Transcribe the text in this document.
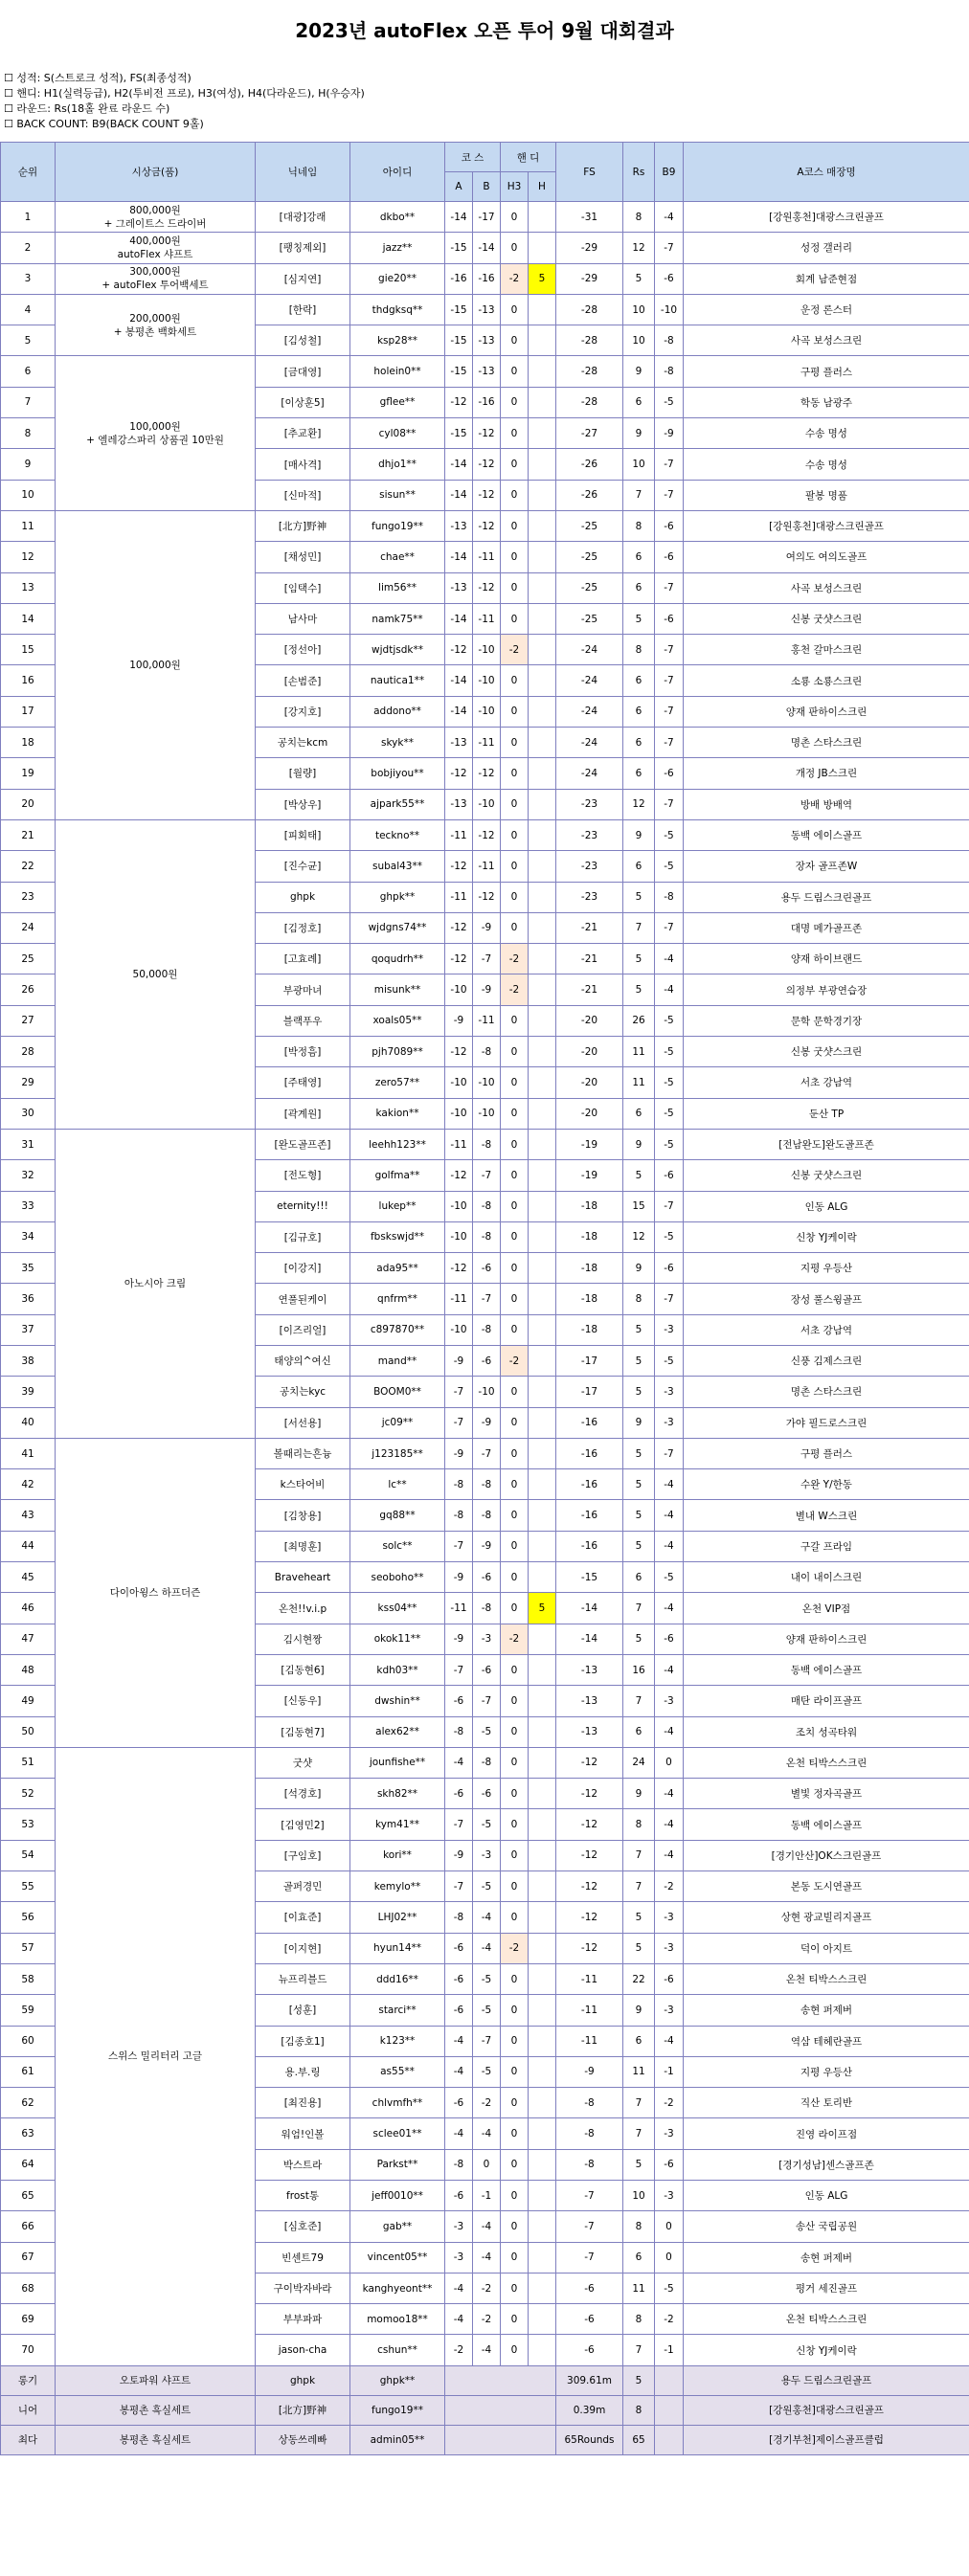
2023년 autoFlex 오픈 투어 9월 대회결과
☐ 성적: S(스트로크 성적), FS(최종성적)
☐ 핸디: H1(실력등급), H2(투비전 프로), H3(여성), H4(다라운드), H(우승자)
☐ 라운드: Rs(18홀 완료 라운드 수)
☐ BACK COUNT: B9(BACK COUNT 9홀)
순위	시상금(품)	닉네임	아이디	코 스		핸 디		FS	Rs	B9	A코스 매장명
				A	B	H3	H				
1	800,000원
+ 그레이트스 드라이버	[대광]강래	dkbo**	-14	-17	0		-31	8	-4	[강원홍천]대광스크린골프
2	400,000원
autoFlex 샤프트	[팽칭제외]	jazz**	-15	-14	0		-29	12	-7	성정 갤러리
3	300,000원
+ autoFlex 투어백세트	[심지연]	gie20**	-16	-16	-2	5	-29	5	-6	회계 남준현점
4	200,000원
+ 봉평촌 백화세트	[한락]	thdgksq**	-15	-13	0		-28	10	-10	운정 론스터
5		[김성철]	ksp28**	-15	-13	0		-28	10	-8	사곡 보성스크린
6	100,000원
+ 엘레강스파리 상품권 10만원	[금대영]	holein0**	-15	-13	0		-28	9	-8	구평 플러스
7		[이상훈5]	gflee**	-12	-16	0		-28	6	-5	학동 남광주
8		[추교환]	cyl08**	-15	-12	0		-27	9	-9	수송 명성
9		[매사격]	dhjo1**	-14	-12	0		-26	10	-7	수송 명성
10		[신마적]	sisun**	-14	-12	0		-26	7	-7	팔봉 명품
11	100,000원	[北方]野神	fungo19**	-13	-12	0		-25	8	-6	[강원홍천]대광스크린골프
12		[채성민]	chae**	-14	-11	0		-25	6	-6	여의도 여의도골프
13		[임택수]	lim56**	-13	-12	0		-25	6	-7	사곡 보성스크린
14		남사마	namk75**	-14	-11	0		-25	5	-6	신봉 굿샷스크린
15		[정선아]	wjdtjsdk**	-12	-10	-2		-24	8	-7	홍천 갈마스크린
16		[손범준]	nautica1**	-14	-10	0		-24	6	-7	소룡 소룡스크린
17		[강지호]	addono**	-14	-10	0		-24	6	-7	양재 판하이스크린
18		공치는kcm	skyk**	-13	-11	0		-24	6	-7	명촌 스타스크린
19		[월량]	bobjiyou**	-12	-12	0		-24	6	-6	개정 JB스크린
20		[박상우]	ajpark55**	-13	-10	0		-23	12	-7	방배 방배역
21	50,000원	[피회태]	teckno**	-11	-12	0		-23	9	-5	동백 에이스골프
22		[진수균]	subal43**	-12	-11	0		-23	6	-5	장자 골프존W
23		ghpk	ghpk**	-11	-12	0		-23	5	-8	용두 드림스크린골프
24		[김정호]	wjdgns74**	-12	-9	0		-21	7	-7	대명 메가골프존
25		[고효례]	qoqudrh**	-12	-7	-2		-21	5	-4	양재 하이브랜드
26		부광마녀	misunk**	-10	-9	-2		-21	5	-4	의정부 부광연습장
27		블랙푸우	xoals05**	-9	-11	0		-20	26	-5	문학 문학경기장
28		[박정흠]	pjh7089**	-12	-8	0		-20	11	-5	신봉 굿샷스크린
29		[주태영]	zero57**	-10	-10	0		-20	11	-5	서초 강남역
30		[곽계원]	kakion**	-10	-10	0		-20	6	-5	둔산 TP
31	아노시아 크림	[완도골프존]	leehh123**	-11	-8	0		-19	9	-5	[전남완도]완도골프존
32		[전도형]	golfma**	-12	-7	0		-19	5	-6	신봉 굿샷스크린
33		eternity!!!	lukep**	-10	-8	0		-18	15	-7	인동 ALG
34		[김규호]	fbskswjd**	-10	-8	0		-18	12	-5	신창 YJ케이락
35		[이강지]	ada95**	-12	-6	0		-18	9	-6	지평 우등산
36		연풀된케이	qnfrm**	-11	-7	0		-18	8	-7	장성 풀스윙골프
37		[이즈리얼]	c897870**	-10	-8	0		-18	5	-3	서초 강남역
38		태양의^여신	mand**	-9	-6	-2		-17	5	-5	신풍 김제스크린
39		공치는kyc	BOOM0**	-7	-10	0		-17	5	-3	명촌 스타스크린
40		[서선용]	jc09**	-7	-9	0		-16	9	-3	가야 필드로스크린
41	다이아윙스 하프더즌	볼때리는흔늉	j123185**	-9	-7	0		-16	5	-7	구평 플러스
42		k스타어비	lc**	-8	-8	0		-16	5	-4	수완 Y/한동
43		[김창용]	gq88**	-8	-8	0		-16	5	-4	별내 W스크린
44		[최명훈]	solc**	-7	-9	0		-16	5	-4	구갈 프라임
45		Braveheart	seoboho**	-9	-6	0		-15	6	-5	내이 내이스크린
46		온천!!v.i.p	kss04**	-11	-8	0	5	-14	7	-4	온천 VIP점
47		김시현짱	okok11**	-9	-3	-2		-14	5	-6	양재 판하이스크린
48		[김동현6]	kdh03**	-7	-6	0		-13	16	-4	동백 에이스골프
49		[신동우]	dwshin**	-6	-7	0		-13	7	-3	매탄 라이프골프
50		[김동현7]	alex62**	-8	-5	0		-13	6	-4	조치 성곡타워
51	스위스 밀리터리 고글	굿샷	jounfishe**	-4	-8	0		-12	24	0	온천 티박스스크린
52		[석경호]	skh82**	-6	-6	0		-12	9	-4	별빛 정자곡골프
53		[김영민2]	kym41**	-7	-5	0		-12	8	-4	동백 에이스골프
54		[구임호]	kori**	-9	-3	0		-12	7	-4	[경기안산]OK스크린골프
55		골퍼경민	kemylo**	-7	-5	0		-12	7	-2	본동 도시연골프
56		[이효준]	LHJ02**	-8	-4	0		-12	5	-3	상현 광교빌리지골프
57		[이지현]	hyun14**	-6	-4	-2		-12	5	-3	덕이 아지트
58		뉴프리블드	ddd16**	-6	-5	0		-11	22	-6	온천 티박스스크린
59		[성훈]	starci**	-6	-5	0		-11	9	-3	송현 퍼제버
60		[김종호1]	k123**	-4	-7	0		-11	6	-4	역삼 테헤란골프
61		용.부.링	as55**	-4	-5	0		-9	11	-1	지평 우등산
62		[최진용]	chlvmfh**	-6	-2	0		-8	7	-2	직산 토리반
63		워엄!인볼	sclee01**	-4	-4	0		-8	7	-3	진영 라이프점
64		박스트라	Parkst**	-8	0	0		-8	5	-6	[경기성남]센스골프존
65		frost통	jeff0010**	-6	-1	0		-7	10	-3	인동 ALG
66		[심호준]	gab**	-3	-4	0		-7	8	0	송산 국립공원
67		빈센트79	vincent05**	-3	-4	0		-7	6	0	송현 퍼제버
68		구이박자바라	kanghyeont**	-4	-2	0		-6	11	-5	평거 세진골프
69		부부파파	momoo18**	-4	-2	0		-6	8	-2	온천 티박스스크린
70		jason-cha	cshun**	-2	-4	0		-6	7	-1	신창 YJ케이락
롱기	오토파워 샤프트	ghpk	ghpk**					309.61m	5		용두 드림스크린골프
니어	봉평촌 흑실세트	[北方]野神	fungo19**					0.39m	8		[강원홍천]대광스크린골프
최다	봉평촌 흑실세트	상동쓰레빠	admin05**					65Rounds	65		[경기부천]제이스골프클럽
